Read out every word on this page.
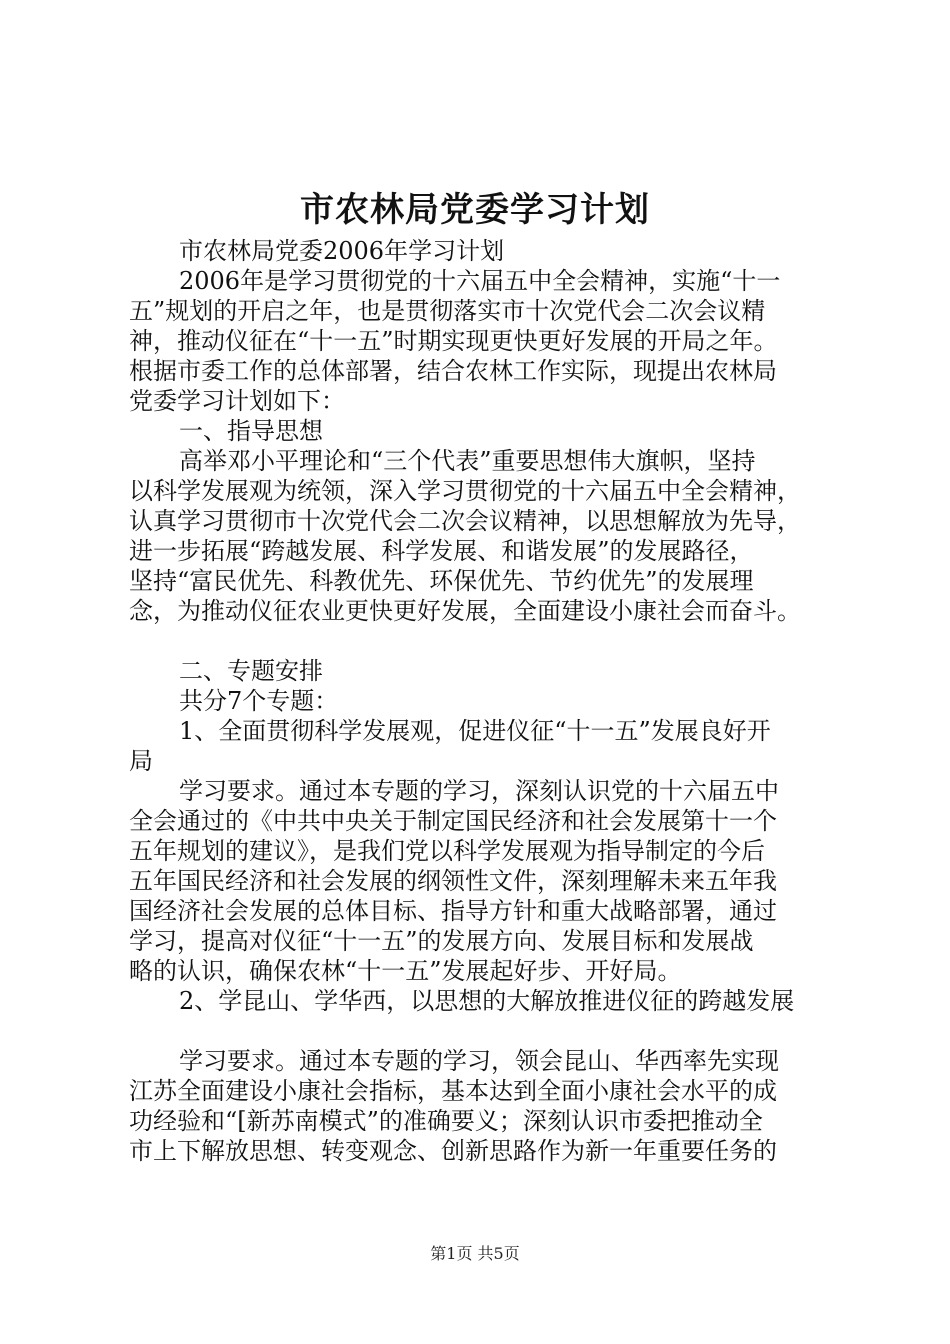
市农林局党委学习计划
市农林局党委2006年学习计划
2006年是学习贯彻党的十六届五中全会精神，实施“十一
五”规划的开启之年，也是贯彻落实市十次党代会二次会议精
神，推动仪征在“十一五”时期实现更快更好发展的开局之年。
根据市委工作的总体部署，结合农林工作实际，现提出农林局
党委学习计划如下：
一、指导思想
高举邓小平理论和“三个代表”重要思想伟大旗帜，坚持
以科学发展观为统领，深入学习贯彻党的十六届五中全会精神，
认真学习贯彻市十次党代会二次会议精神，以思想解放为先导，
进一步拓展“跨越发展、科学发展、和谐发展”的发展路径，
坚持“富民优先、科教优先、环保优先、节约优先”的发展理
念，为推动仪征农业更快更好发展，全面建设小康社会而奋斗。
二、专题安排
共分7个专题：
1、全面贯彻科学发展观，促进仪征“十一五”发展良好开
局
学习要求。通过本专题的学习，深刻认识党的十六届五中
全会通过的《中共中央关于制定国民经济和社会发展第十一个
五年规划的建议》，是我们党以科学发展观为指导制定的今后
五年国民经济和社会发展的纲领性文件，深刻理解未来五年我
国经济社会发展的总体目标、指导方针和重大战略部署，通过
学习，提高对仪征“十一五”的发展方向、发展目标和发展战
略的认识，确保农林“十一五”发展起好步、开好局。
2、学昆山、学华西，以思想的大解放推进仪征的跨越发展
学习要求。通过本专题的学习，领会昆山、华西率先实现
江苏全面建设小康社会指标，基本达到全面小康社会水平的成
功经验和“[新苏南模式”的准确要义；深刻认识市委把推动全
市上下解放思想、转变观念、创新思路作为新一年重要任务的
第1页 共5页
